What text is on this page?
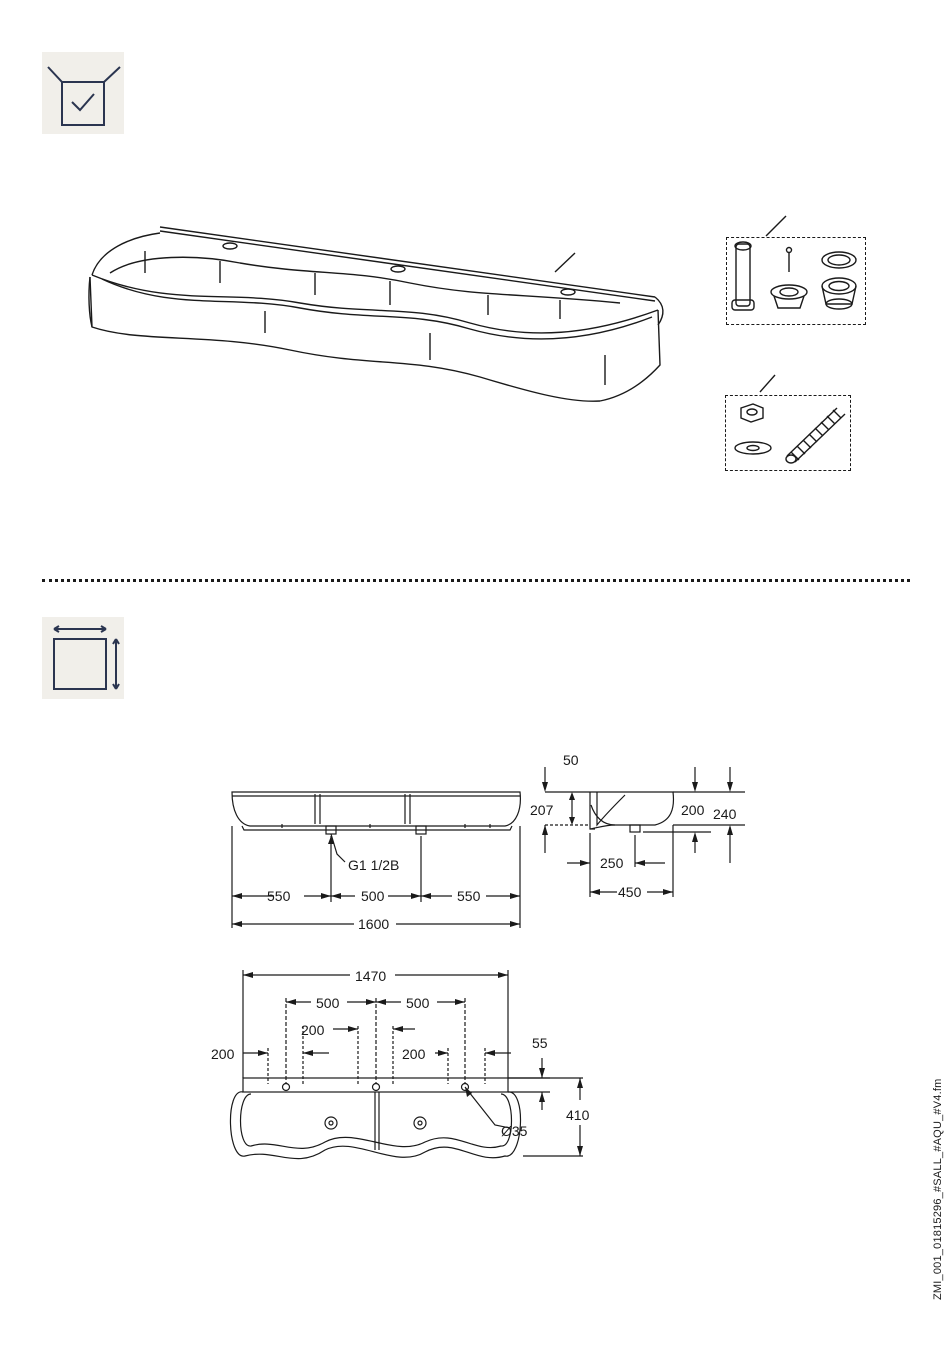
G1 1/2B
550	500	550
1600
50
207	200 240
250
450
1470
500	500
200
200	200
55
410
Ø35	ZMI_001_01815296_#SALL_#AQU_#V4.fm
